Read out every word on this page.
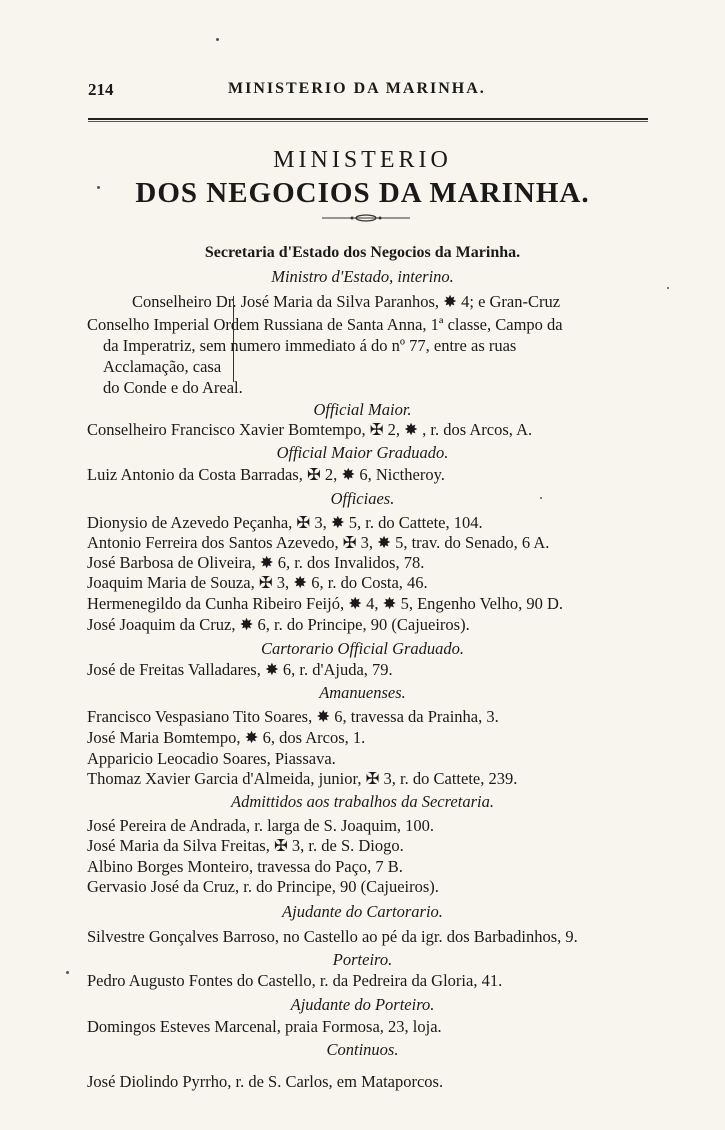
214	MINISTERIO DA MARINHA.
MINISTERIO
DOS NEGOCIOS DA MARINHA.
Secretaria d'Estado dos Negocios da Marinha.
Ministro d'Estado, interino.
Conselheiro Dr. José Maria da Silva Paranhos, ✸ 4; e Gran-Cruz
Conselho Imperial Ordem Russiana de Santa Anna, 1ª classe, Campo da
da Imperatriz, sem numero immediato á do nº 77, entre as ruas
Acclamação, casa
do Conde e do Areal.
Official Maior.
Conselheiro Francisco Xavier Bomtempo, ✠ 2, ✸ , r. dos Arcos, A.
Official Maior Graduado.
Luiz Antonio da Costa Barradas, ✠ 2, ✸ 6, Nictheroy.
Officiaes.
Dionysio de Azevedo Peçanha, ✠ 3, ✸ 5, r. do Cattete, 104.
Antonio Ferreira dos Santos Azevedo, ✠ 3, ✸ 5, trav. do Senado, 6 A.
José Barbosa de Oliveira, ✸ 6, r. dos Invalidos, 78.
Joaquim Maria de Souza, ✠ 3, ✸ 6, r. do Costa, 46.
Hermenegildo da Cunha Ribeiro Feijó, ✸ 4, ✸ 5, Engenho Velho, 90 D.
José Joaquim da Cruz, ✸ 6, r. do Principe, 90 (Cajueiros).
Cartorario Official Graduado.
José de Freitas Valladares, ✸ 6, r. d'Ajuda, 79.
Amanuenses.
Francisco Vespasiano Tito Soares, ✸ 6, travessa da Prainha, 3.
José Maria Bomtempo, ✸ 6, dos Arcos, 1.
Apparicio Leocadio Soares, Piassava.
Thomaz Xavier Garcia d'Almeida, junior, ✠ 3, r. do Cattete, 239.
Admittidos aos trabalhos da Secretaria.
José Pereira de Andrada, r. larga de S. Joaquim, 100.
José Maria da Silva Freitas, ✠ 3, r. de S. Diogo.
Albino Borges Monteiro, travessa do Paço, 7 B.
Gervasio José da Cruz, r. do Principe, 90 (Cajueiros).
Ajudante do Cartorario.
Silvestre Gonçalves Barroso, no Castello ao pé da igr. dos Barbadinhos, 9.
Porteiro.
Pedro Augusto Fontes do Castello, r. da Pedreira da Gloria, 41.
Ajudante do Porteiro.
Domingos Esteves Marcenal, praia Formosa, 23, loja.
Continuos.
José Diolindo Pyrrho, r. de S. Carlos, em Mataporcos.
